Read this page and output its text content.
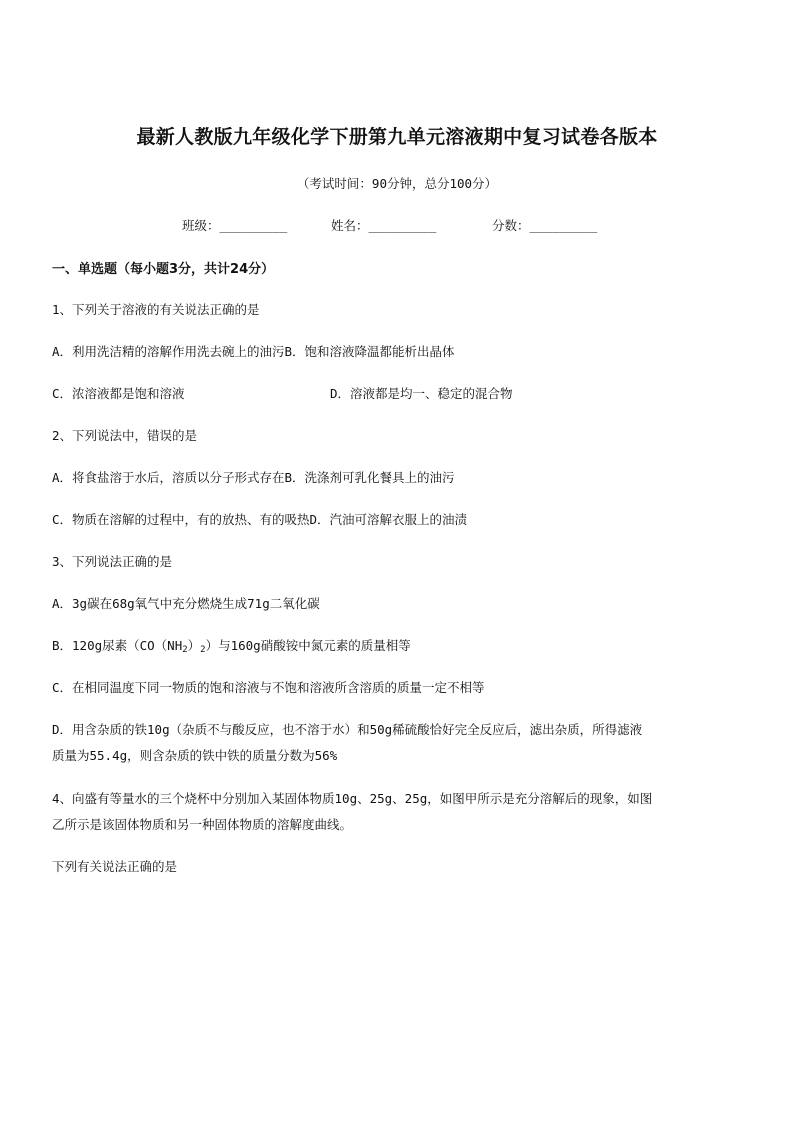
最新人教版九年级化学下册第九单元溶液期中复习试卷各版本
（考试时间：90分钟，总分100分）
班级：_________	姓名：_________	分数：_________
一、单选题（每小题3分，共计24分）
1、下列关于溶液的有关说法正确的是
A．利用洗洁精的溶解作用洗去碗上的油污B．饱和溶液降温都能析出晶体
C．浓溶液都是饱和溶液	D．溶液都是均一、稳定的混合物
2、下列说法中，错误的是
A．将食盐溶于水后，溶质以分子形式存在B．洗涤剂可乳化餐具上的油污
C．物质在溶解的过程中，有的放热、有的吸热D．汽油可溶解衣服上的油渍
3、下列说法正确的是
A．3g碳在68g氧气中充分燃烧生成71g二氧化碳
B．120g尿素$(CO(NH_2)_2)$与160g硝酸铵中氮元素的质量相等
C．在相同温度下同一物质的饱和溶液与不饱和溶液所含溶质的质量一定不相等
D．用含杂质的铁10g（杂质不与酸反应，也不溶于水）和50g稀硫酸恰好完全反应后，滤出杂质，所得滤液
质量为55.4g，则含杂质的铁中铁的质量分数为56%
4、向盛有等量水的三个烧杯中分别加入某固体物质10g、25g、25g，如图甲所示是充分溶解后的现象，如图
乙所示是该固体物质和另一种固体物质的溶解度曲线。
下列有关说法正确的是
